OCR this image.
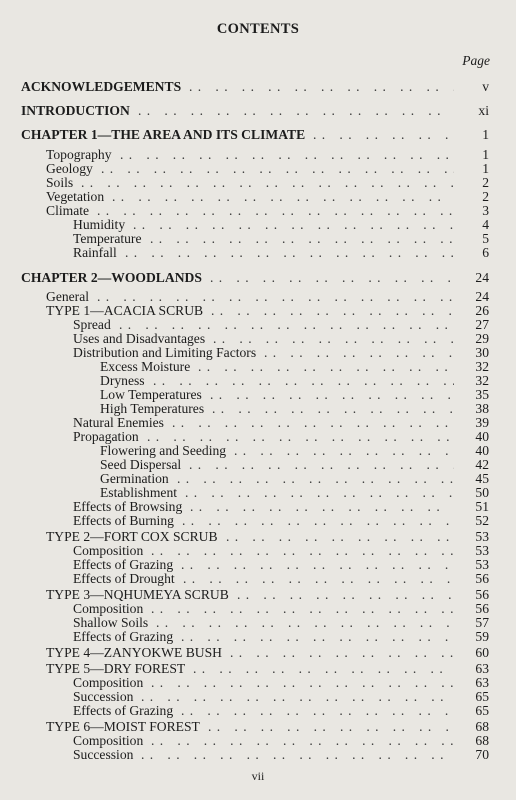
CONTENTS
Page
ACKNOWLEDGEMENTS . .	v
INTRODUCTION . .	xi
CHAPTER 1—THE AREA AND ITS CLIMATE . .	1
Topography . .	1
Geology . .	1
Soils . .	2
Vegetation . .	2
Climate . .	3
Humidity . .	4
Temperature . .	5
Rainfall . .	6
CHAPTER 2—WOODLANDS . .	24
General . .	24
TYPE 1—ACACIA SCRUB . .	26
Spread . .	27
Uses and Disadvantages . .	29
Distribution and Limiting Factors . .	30
Excess Moisture . .	32
Dryness . .	32
Low Temperatures . .	35
High Temperatures . .	38
Natural Enemies . .	39
Propagation . .	40
Flowering and Seeding . .	40
Seed Dispersal . .	42
Germination . .	45
Establishment . .	50
Effects of Browsing . .	51
Effects of Burning . .	52
TYPE 2—FORT COX SCRUB . .	53
Composition . .	53
Effects of Grazing . .	53
Effects of Drought . .	56
TYPE 3—NQHUMEYA SCRUB . .	56
Composition . .	56
Shallow Soils . .	57
Effects of Grazing . .	59
TYPE 4—ZANYOKWE BUSH . .	60
TYPE 5—DRY FOREST . .	63
Composition . .	63
Succession . .	65
Effects of Grazing . .	65
TYPE 6—MOIST FOREST . .	68
Composition . .	68
Succession . .	70
vii
